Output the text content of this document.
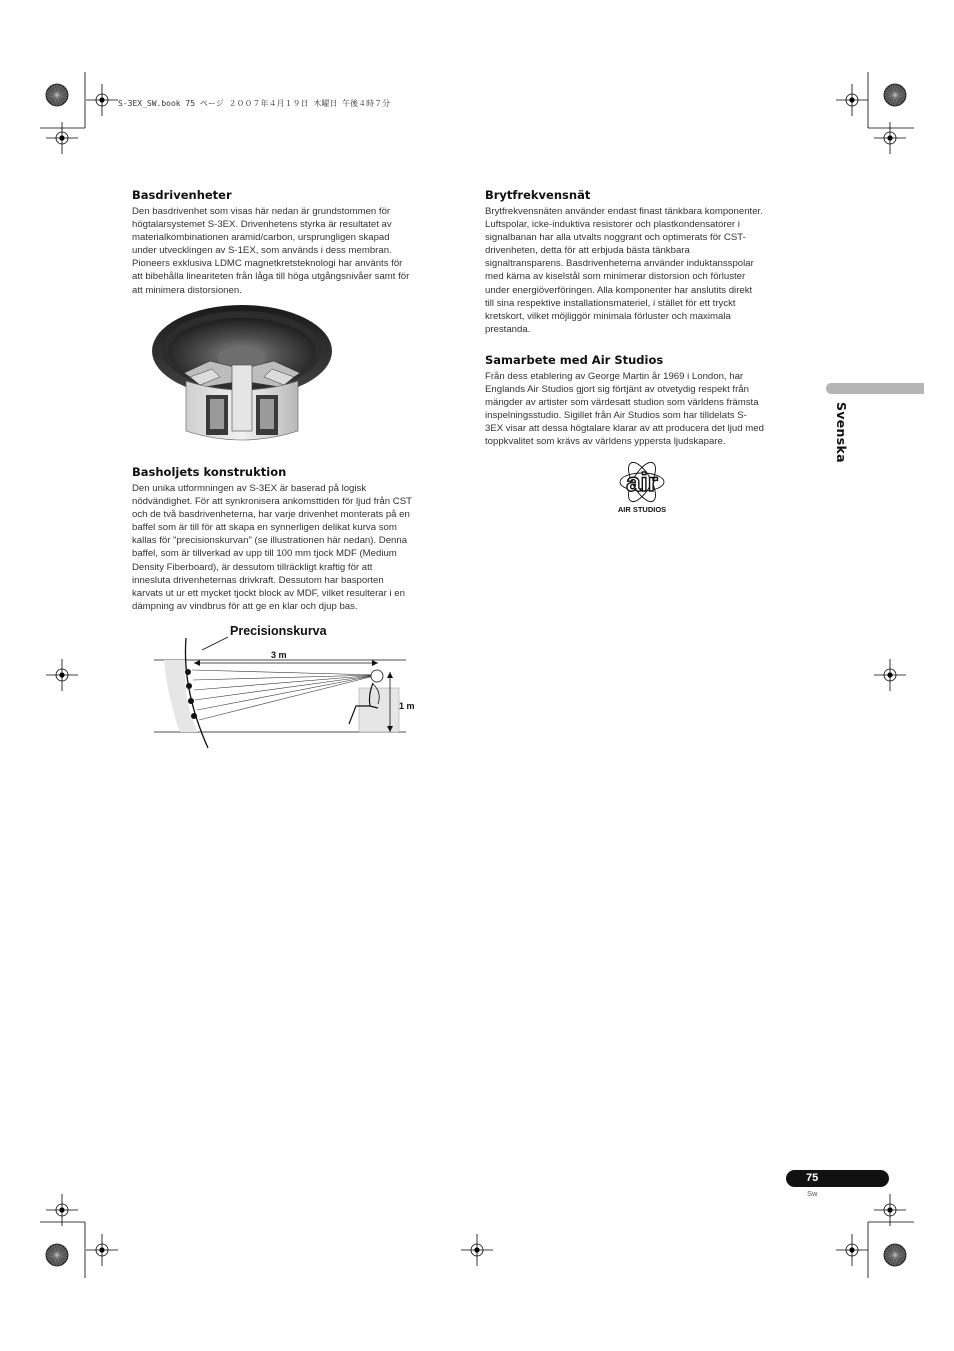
S-3EX_SW.book 75 ページ ２００７年４月１９日 木曜日 午後４時７分
Basdrivenheter
Den basdrivenhet som visas här nedan är grundstommen för
högtalarsystemet S-3EX. Drivenhetens styrka är resultatet av
materialkombinationen aramid/carbon, ursprungligen skapad
under utvecklingen av S-1EX, som används i dess membran.
Pioneers exklusiva LDMC magnetkretsteknologi har använts för
att bibehålla lineariteten från låga till höga utgångsnivåer samt för
att minimera distorsionen.
Basholjets konstruktion
Den unika utformningen av S-3EX är baserad på logisk
nödvändighet. För att synkronisera ankomsttiden för ljud från CST
och de två basdrivenheterna, har varje drivenhet monterats på en
baffel som är till för att skapa en synnerligen delikat kurva som
kallas för "precisionskurvan" (se illustrationen här nedan). Denna
baffel, som är tillverkad av upp till 100 mm tjock MDF (Medium
Density Fiberboard), är dessutom tillräckligt kraftig för att
innesluta drivenheternas drivkraft. Dessutom har basporten
karvats ut ur ett mycket tjockt block av MDF, vilket resulterar i en
dämpning av vindbrus för att ge en klar och djup bas.
Precisionskurva
3 m
1 m
Brytfrekvensnät
Brytfrekvensnäten använder endast finast tänkbara komponenter.
Luftspolar, icke-induktiva resistorer och plastkondensatorer i
signalbanan har alla utvalts noggrant och optimerats för CST-
drivenheten, detta för att erbjuda bästa tänkbara
signaltransparens. Basdrivenheterna använder induktansspolar
med kärna av kiselstål som minimerar distorsion och förluster
under energiöverföringen. Alla komponenter har anslutits direkt
till sina respektive installationsmateriel, i stället för ett tryckt
kretskort, vilket möjliggör minimala förluster och maximala
prestanda.
Samarbete med Air Studios
Från dess etablering av George Martin år 1969 i London, har
Englands Air Studios gjort sig förtjänt av otvetydig respekt från
mängder av artister som värdesatt studion som världens främsta
inspelningsstudio. Sigillet från Air Studios som har tilldelats S-
3EX visar att dessa högtalare klarar av att producera det ljud med
toppkvalitet som krävs av världens yppersta ljudskapare.
air
AIR STUDIOS
Svenska
75
Sw
